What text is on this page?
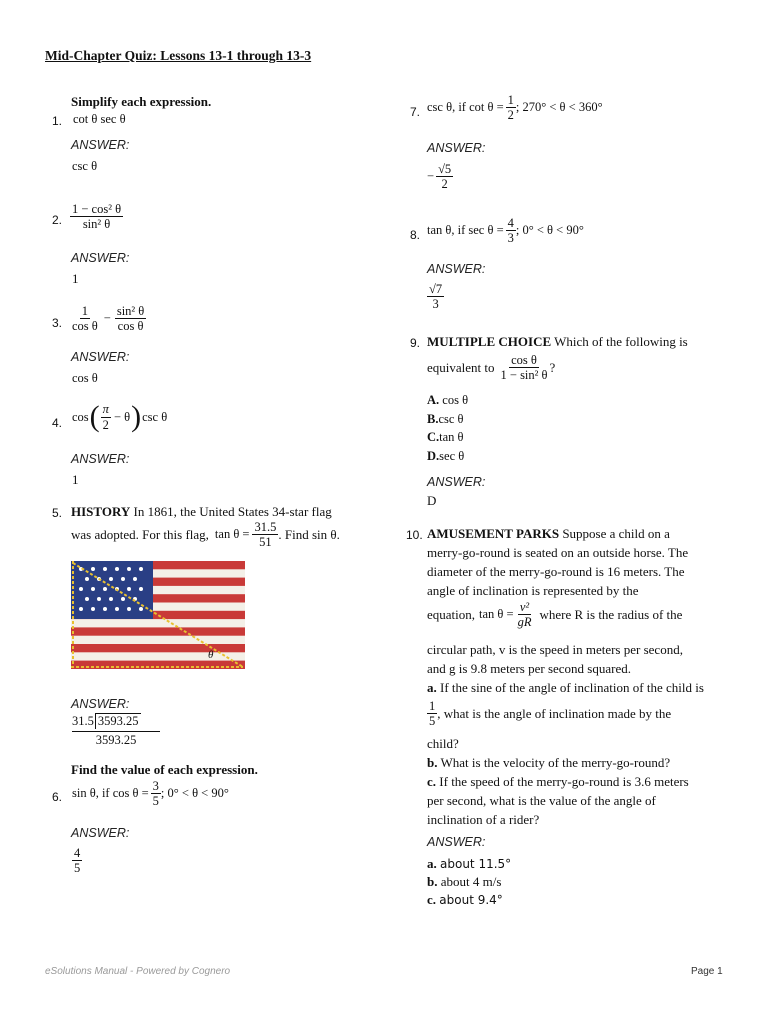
Mid-Chapter Quiz: Lessons 13-1 through 13-3
Simplify each expression.
1. cot θ sec θ
ANSWER:
csc θ
2. $\frac{\text{1 − cos² θ}}{\text{sin² θ}}$
ANSWER:
1
3. $\frac{1}{\text{cos θ}} - \frac{\text{sin² θ}}{\text{cos θ}}$
ANSWER:
cos θ
4. cos ( $\frac{\pi}{2} - \theta$ ) csc θ
ANSWER:
1
5. HISTORY In 1861, the United States 34-star flag
was adopted. For this flag, $\tan \theta = \frac{31.5}{51}$ . Find sin θ.
θ
ANSWER:
$\frac{31.5 3593.25}{3593.25}$
Find the value of each expression.
6. sin θ, if $\cos \theta = \frac{3}{5}$ ; 0° < θ < 90°
ANSWER:
$\frac{4}{5}$
7. csc θ, if $\cot \theta = \frac{1}{2}$ ; 270° < θ < 360°
ANSWER:
− $\frac{√5}{2}$
8. tan θ, if $\sec \theta = \frac{4}{3}$ ; 0° < θ < 90°
ANSWER:
$\frac{√7}{3}$
9. MULTIPLE CHOICE Which of the following is
equivalent to $\frac{\text{cos θ}}{\text{1 − sin² θ}}$ ?
A. cos θ
B.csc θ
C.tan θ
D.sec θ
ANSWER:
D
10. AMUSEMENT PARKS Suppose a child on a
merry-go-round is seated on an outside horse. The
diameter of the merry-go-round is 16 meters. The
angle of inclination is represented by the
equation, $\tan \theta = \frac{\text{v²}}{gR}$ where R is the radius of the
circular path, v is the speed in meters per second,
and g is 9.8 meters per second squared.
a. If the sine of the angle of inclination of the child is
$\frac{1}{5}$ , what is the angle of inclination made by the
child?
b. What is the velocity of the merry-go-round?
c. If the speed of the merry-go-round is 3.6 meters
per second, what is the value of the angle of
inclination of a rider?
ANSWER:
a. about 11.5°
b. about 4 m/s
c. about 9.4°
eSolutions Manual - Powered by Cognero	Page 1
